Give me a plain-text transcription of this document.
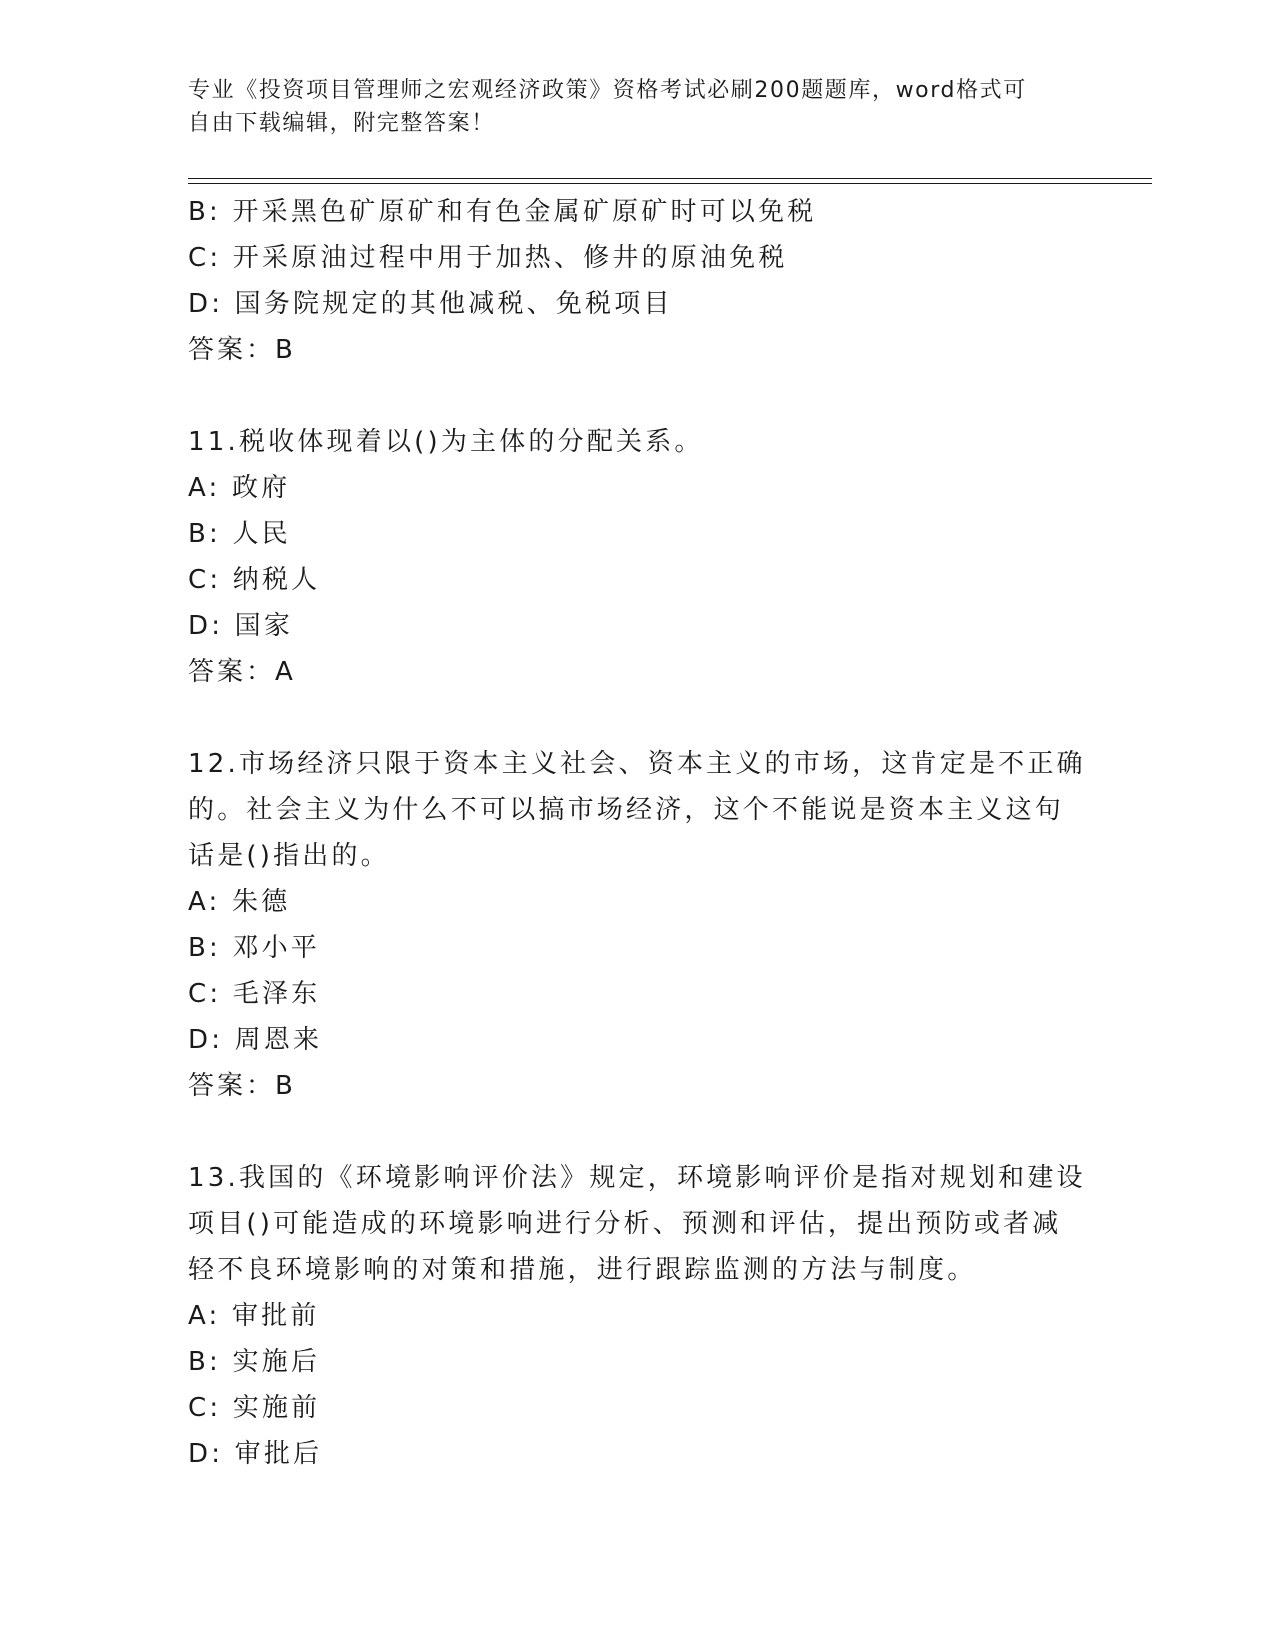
专业《投资项目管理师之宏观经济政策》资格考试必刷200题题库，word格式可
自由下载编辑，附完整答案！
B: 开采黑色矿原矿和有色金属矿原矿时可以免税
C: 开采原油过程中用于加热、修井的原油免税
D: 国务院规定的其他减税、免税项目
答案：B
11.税收体现着以()为主体的分配关系。
A: 政府
B: 人民
C: 纳税人
D: 国家
答案：A
12.市场经济只限于资本主义社会、资本主义的市场，这肯定是不正确
的。社会主义为什么不可以搞市场经济，这个不能说是资本主义这句
话是()指出的。
A: 朱德
B: 邓小平
C: 毛泽东
D: 周恩来
答案：B
13.我国的《环境影响评价法》规定，环境影响评价是指对规划和建设
项目()可能造成的环境影响进行分析、预测和评估，提出预防或者减
轻不良环境影响的对策和措施，进行跟踪监测的方法与制度。
A: 审批前
B: 实施后
C: 实施前
D: 审批后
